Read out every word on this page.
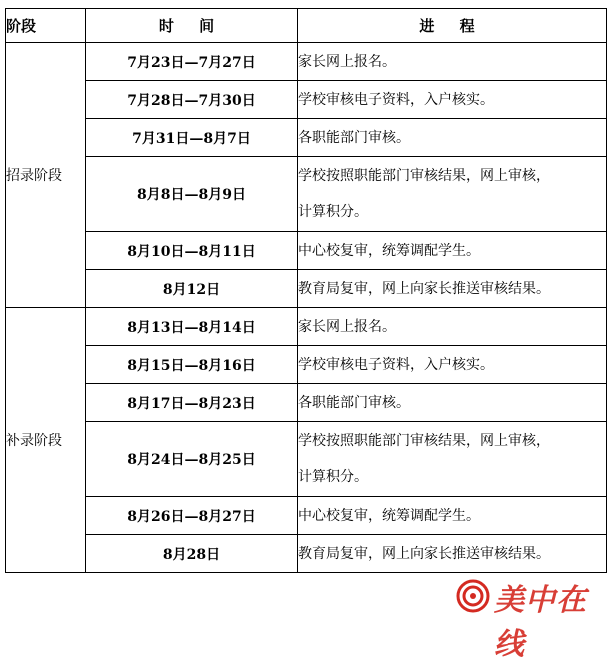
阶段	时 间	进 程
招录阶段	7月23日—7月27日	家长网上报名。

	7月28日—7月30日	学校审核电子资料，入户核实。

	7月31日—8月7日	各职能部门审核。

	8月8日—8月9日	学校按照职能部门审核结果，网上审核，
计算积分。

	8月10日—8月11日	中心校复审，统筹调配学生。

	8月12日	教育局复审，网上向家长推送审核结果。

补录阶段	8月13日—8月14日	家长网上报名。

	8月15日—8月16日	学校审核电子资料，入户核实。

	8月17日—8月23日	各职能部门审核。

	8月24日—8月25日	学校按照职能部门审核结果，网上审核，
计算积分。

	8月26日—8月27日	中心校复审，统筹调配学生。

	8月28日	教育局复审，网上向家长推送审核结果。
美中在线
